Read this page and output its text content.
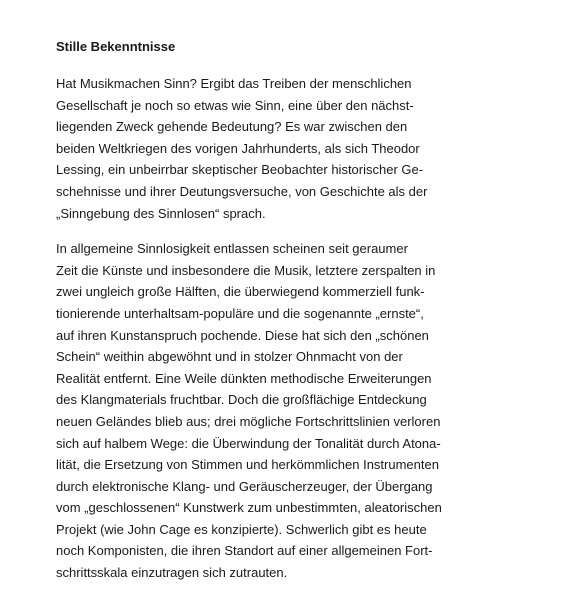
Stille Bekenntnisse
Hat Musikmachen Sinn? Ergibt das Treiben der menschlichen
Gesellschaft je noch so etwas wie Sinn, eine über den nächst-
liegenden Zweck gehende Bedeutung? Es war zwischen den
beiden Weltkriegen des vorigen Jahrhunderts, als sich Theodor
Lessing, ein unbeirrbar skeptischer Beobachter historischer Ge-
schehnisse und ihrer Deutungsversuche, von Geschichte als der
„Sinngebung des Sinnlosen“ sprach.
In allgemeine Sinnlosigkeit entlassen scheinen seit geraumer
Zeit die Künste und insbesondere die Musik, letztere zerspalten in
zwei ungleich große Hälften, die überwiegend kommerziell funk-
tionierende unterhaltsam-populäre und die sogenannte „ernste“,
auf ihren Kunstanspruch pochende. Diese hat sich den „schönen
Schein“ weithin abgewöhnt und in stolzer Ohnmacht von der
Realität entfernt. Eine Weile dünkten methodische Erweiterungen
des Klangmaterials fruchtbar. Doch die großflächige Entdeckung
neuen Geländes blieb aus; drei mögliche Fortschrittslinien verloren
sich auf halbem Wege: die Überwindung der Tonalität durch Atona-
lität, die Ersetzung von Stimmen und herkömmlichen Instrumenten
durch elektronische Klang- und Geräuscherzeuger, der Übergang
vom „geschlossenen“ Kunstwerk zum unbestimmten, aleatorischen
Projekt (wie John Cage es konzipierte). Schwerlich gibt es heute
noch Komponisten, die ihren Standort auf einer allgemeinen Fort-
schrittsskala einzutragen sich zutrauten.
